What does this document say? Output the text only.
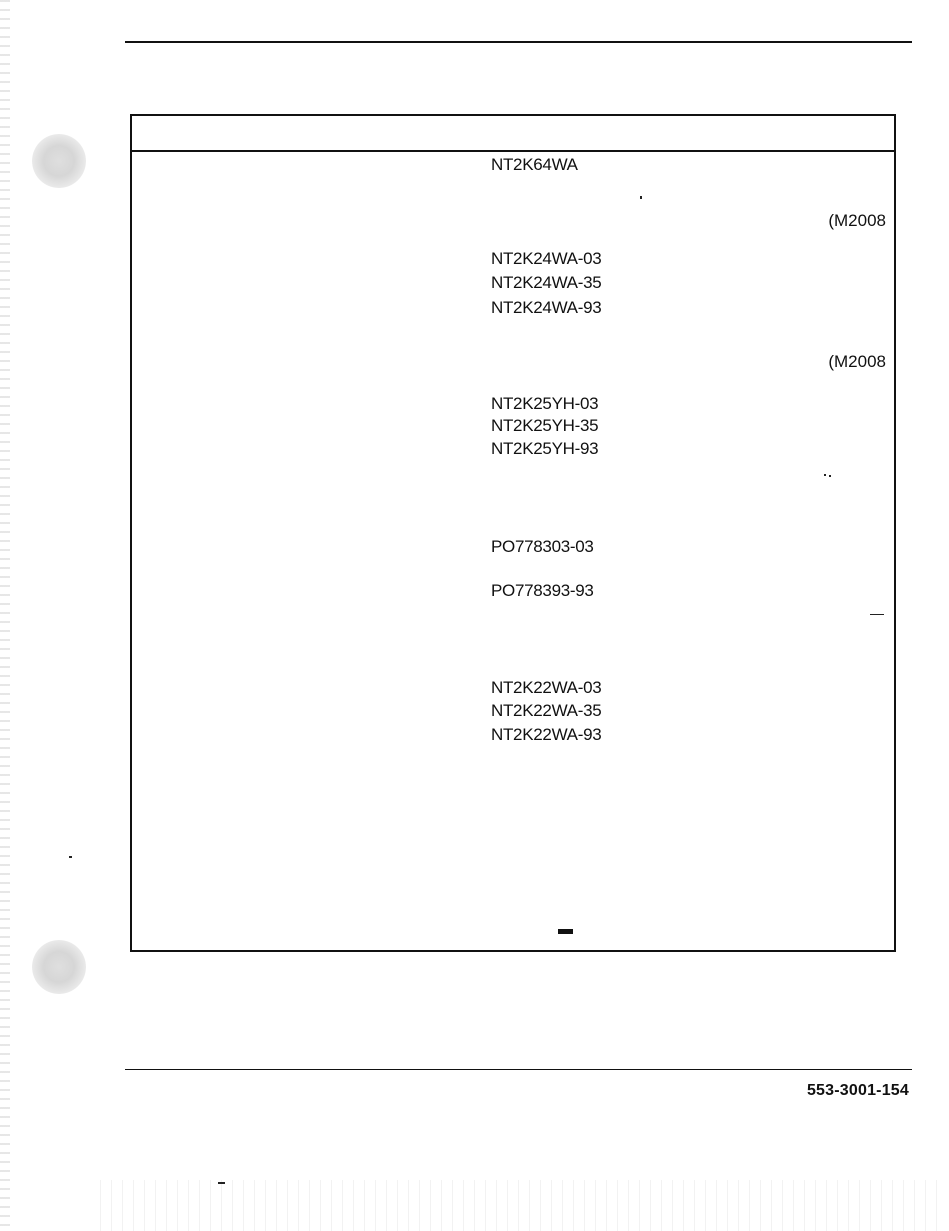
NT2K64WA
(M2008
NT2K24WA-03
NT2K24WA-35
NT2K24WA-93
(M2008
NT2K25YH-03
NT2K25YH-35
NT2K25YH-93
PO778303-03
PO778393-93
NT2K22WA-03
NT2K22WA-35
NT2K22WA-93
553-3001-154
